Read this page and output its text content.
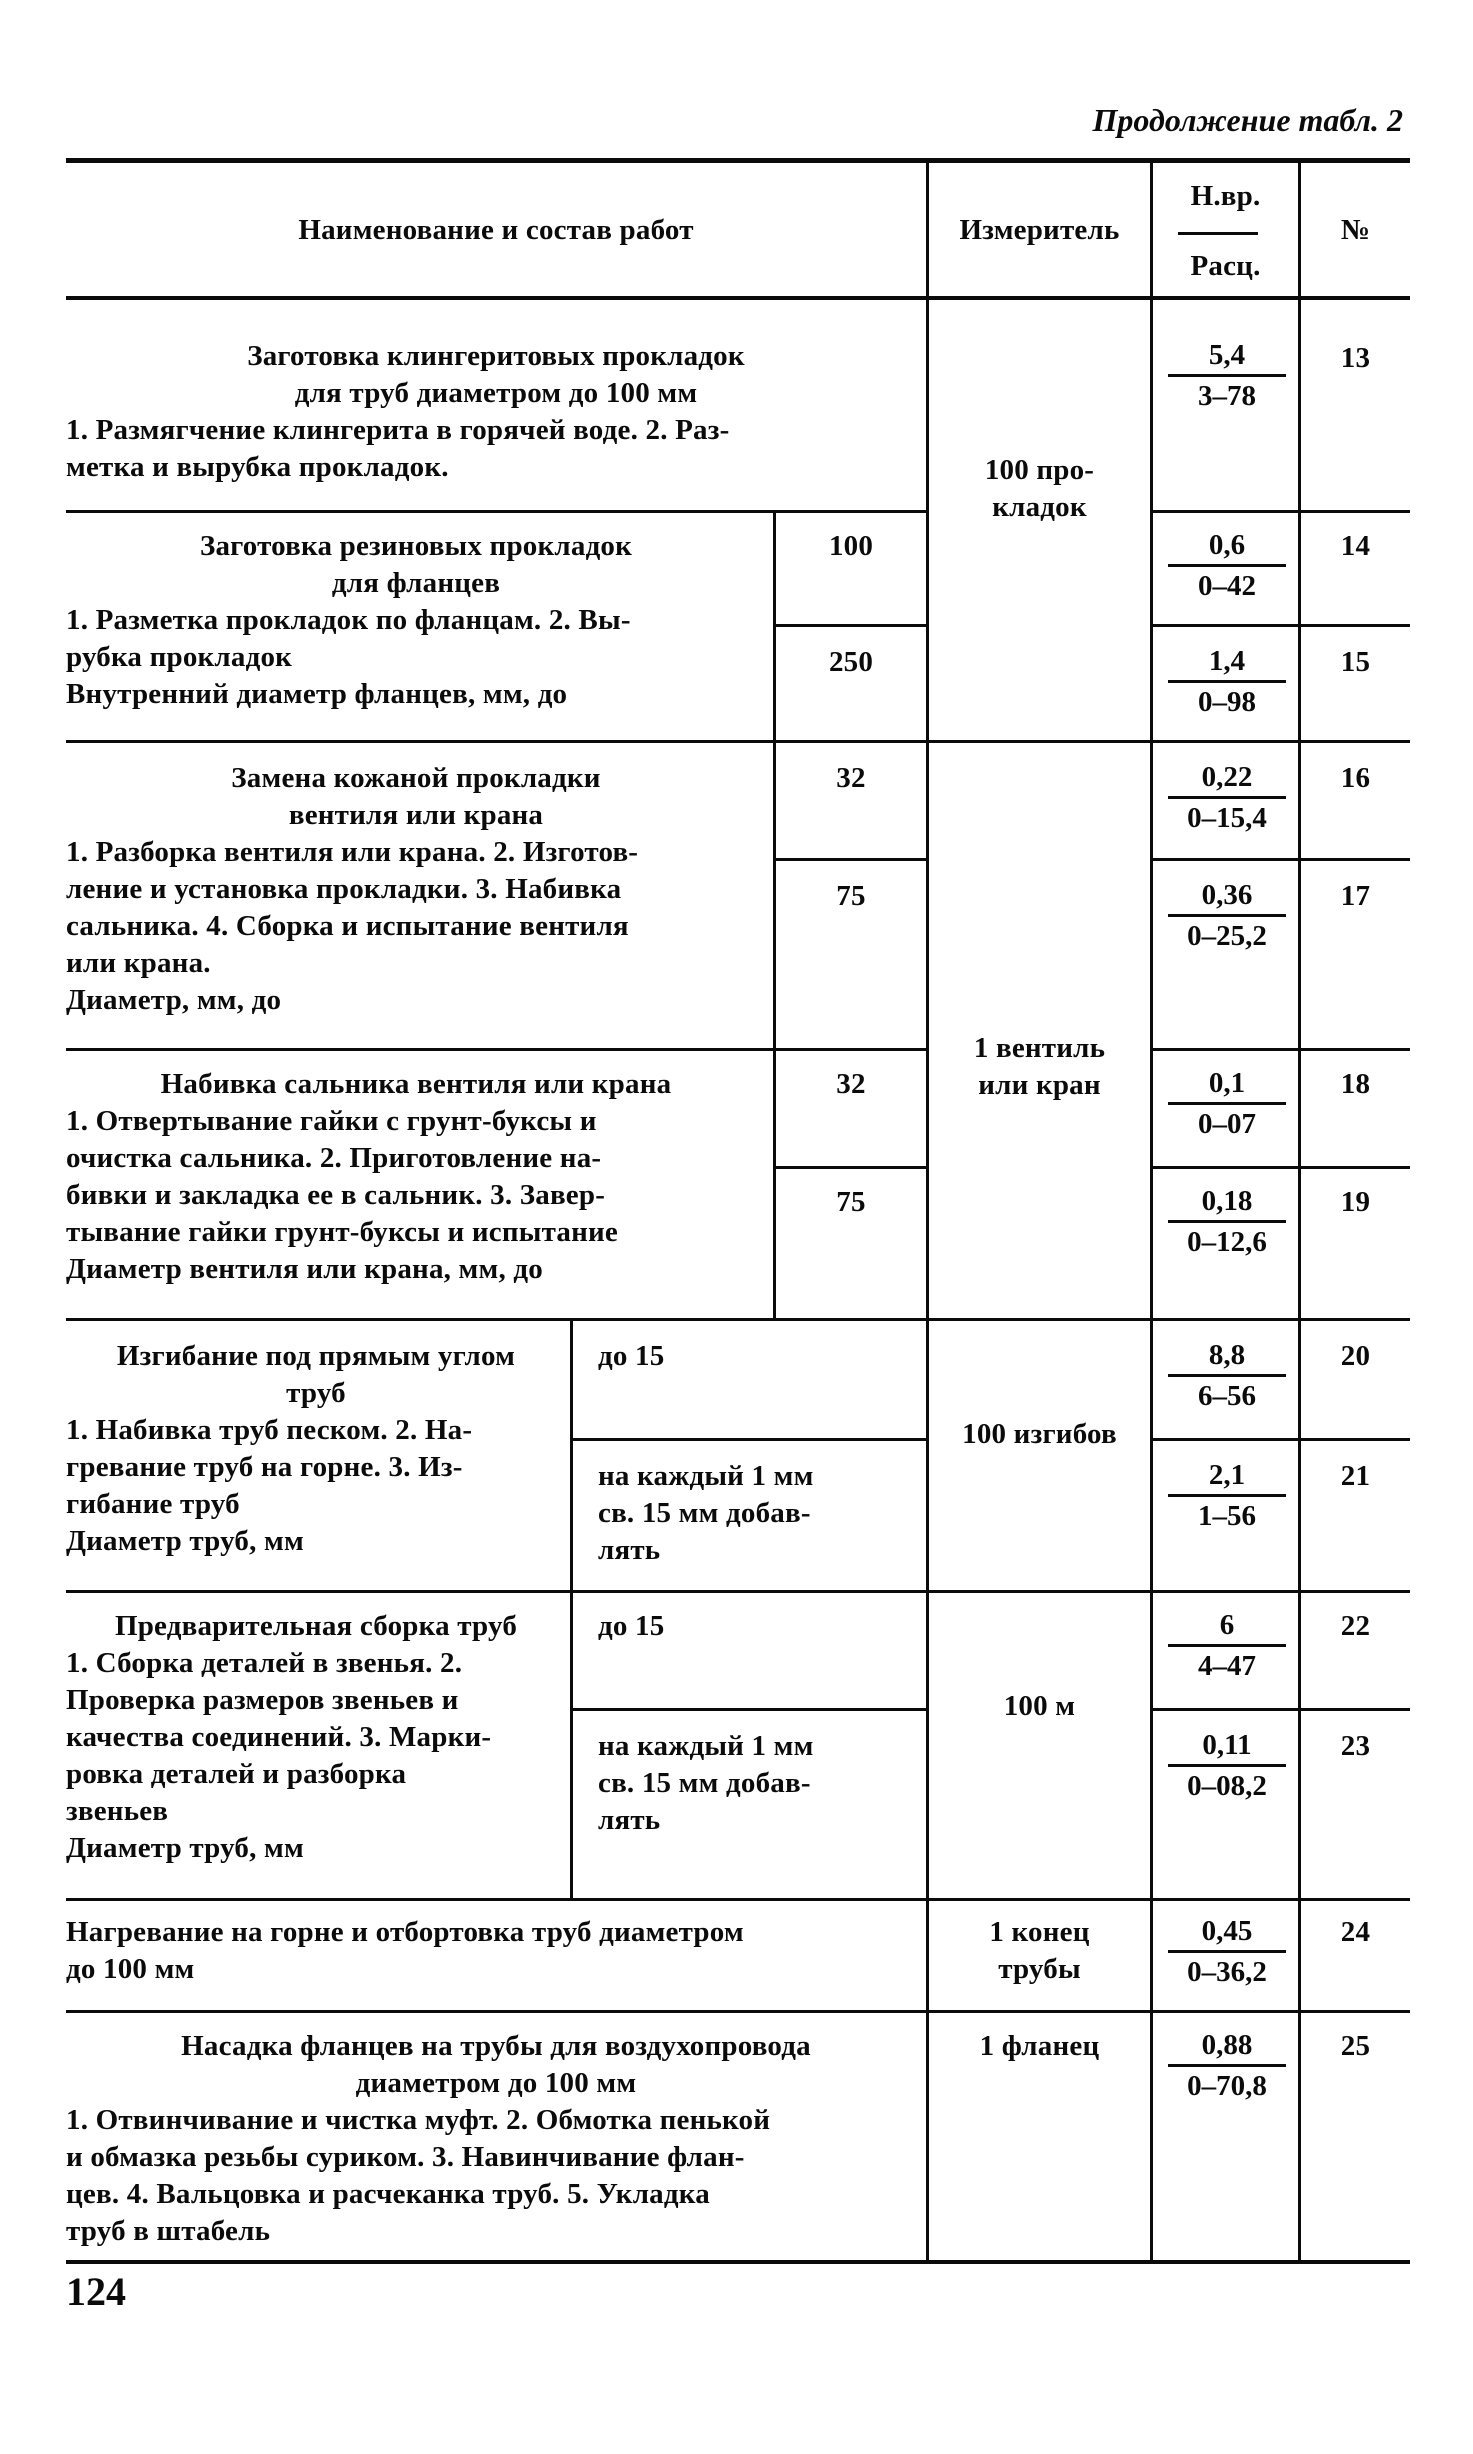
Продолжение табл. 2
Наименование и состав работ	Измеритель
Н.вр.
Расц.
№
Заготовка клингеритовых прокладок
для труб диаметром до 100 мм
1. Размягчение клингерита в горячей воде. 2. Раз-
метка и вырубка прокладок.
5,4
3–78
13
100 про-
кладок
Заготовка резиновых прокладок
для фланцев
1. Разметка прокладок по фланцам. 2. Вы-
рубка прокладок
Внутренний диаметр фланцев, мм, до
100
250
0,6
0–42
14
1,4
0–98
15
Замена кожаной прокладки
вентиля или крана
1. Разборка вентиля или крана. 2. Изготов-
ление и установка прокладки. 3. Набивка
сальника. 4. Сборка и испытание вентиля
или крана.
Диаметр, мм, до
32
75
0,22
0–15,4
16
0,36
0–25,2
17
1 вентиль
или кран
Набивка сальника вентиля или крана
1. Отвертывание гайки с грунт-буксы и
очистка сальника. 2. Приготовление на-
бивки и закладка ее в сальник. 3. Завер-
тывание гайки грунт-буксы и испытание
Диаметр вентиля или крана, мм, до
32
75
0,1
0–07
18
0,18
0–12,6
19
Изгибание под прямым углом
труб
1. Набивка труб песком. 2. На-
гревание труб на горне. 3. Из-
гибание труб
Диаметр труб, мм
до 15
на каждый 1 мм
св. 15 мм добав-
лять
100 изгибов
8,8
6–56
20
2,1
1–56
21
Предварительная сборка труб
1. Сборка деталей в звенья. 2.
Проверка размеров звеньев и
качества соединений. 3. Марки-
ровка деталей и разборка
звеньев
Диаметр труб, мм
до 15
на каждый 1 мм
св. 15 мм добав-
лять
100 м
6
4–47
22
0,11
0–08,2
23
Нагревание на горне и отбортовка труб диаметром
до 100 мм
1 конец
трубы
0,45
0–36,2
24
Насадка фланцев на трубы для воздухопровода
диаметром до 100 мм
1. Отвинчивание и чистка муфт. 2. Обмотка пенькой
и обмазка резьбы суриком. 3. Навинчивание флан-
цев. 4. Вальцовка и расчеканка труб. 5. Укладка
труб в штабель
1 фланец	0,88
0–70,8
25
124
